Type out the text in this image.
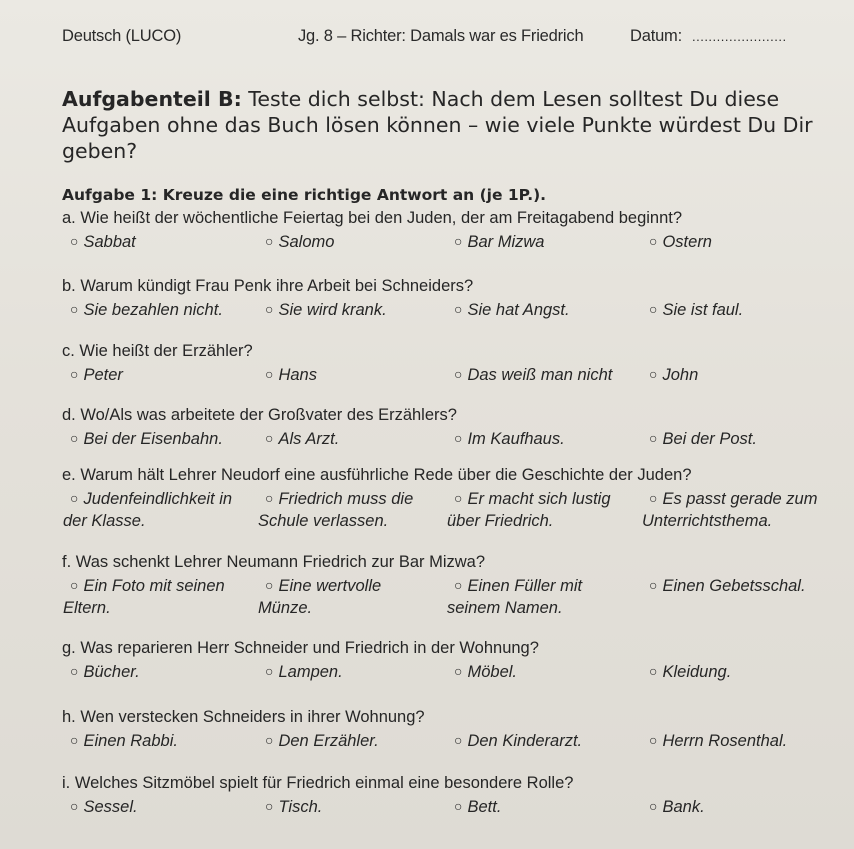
Deutsch (LUCO)	Jg. 8 – Richter: Damals war es Friedrich	Datum: .......................
Aufgabenteil B: Teste dich selbst: Nach dem Lesen solltest Du diese Aufgaben ohne das Buch lösen können – wie viele Punkte würdest Du Dir geben?
Aufgabe 1: Kreuze die eine richtige Antwort an (je 1P.).
a. Wie heißt der wöchentliche Feiertag bei den Juden, der am Freitagabend beginnt?
○ Sabbat	○ Salomo	○ Bar Mizwa	○ Ostern
b. Warum kündigt Frau Penk ihre Arbeit bei Schneiders?
○ Sie bezahlen nicht.	○ Sie wird krank.	○ Sie hat Angst.	○ Sie ist faul.
c. Wie heißt der Erzähler?
○ Peter	○ Hans	○ Das weiß man nicht	○ John
d. Wo/Als was arbeitete der Großvater des Erzählers?
○ Bei der Eisenbahn.	○ Als Arzt.	○ Im Kaufhaus.	○ Bei der Post.
e. Warum hält Lehrer Neudorf eine ausführliche Rede über die Geschichte der Juden?
○ Judenfeindlichkeit in
der Klasse.
○ Friedrich muss die
Schule verlassen.
○ Er macht sich lustig
über Friedrich.
○ Es passt gerade zum
Unterrichtsthema.
f. Was schenkt Lehrer Neumann Friedrich zur Bar Mizwa?
○ Ein Foto mit seinen
Eltern.
○ Eine wertvolle
Münze.
○ Einen Füller mit
seinem Namen.
○ Einen Gebetsschal.
g. Was reparieren Herr Schneider und Friedrich in der Wohnung?
○ Bücher.	○ Lampen.	○ Möbel.	○ Kleidung.
h. Wen verstecken Schneiders in ihrer Wohnung?
○ Einen Rabbi.	○ Den Erzähler.	○ Den Kinderarzt.	○ Herrn Rosenthal.
i. Welches Sitzmöbel spielt für Friedrich einmal eine besondere Rolle?
○ Sessel.	○ Tisch.	○ Bett.	○ Bank.
